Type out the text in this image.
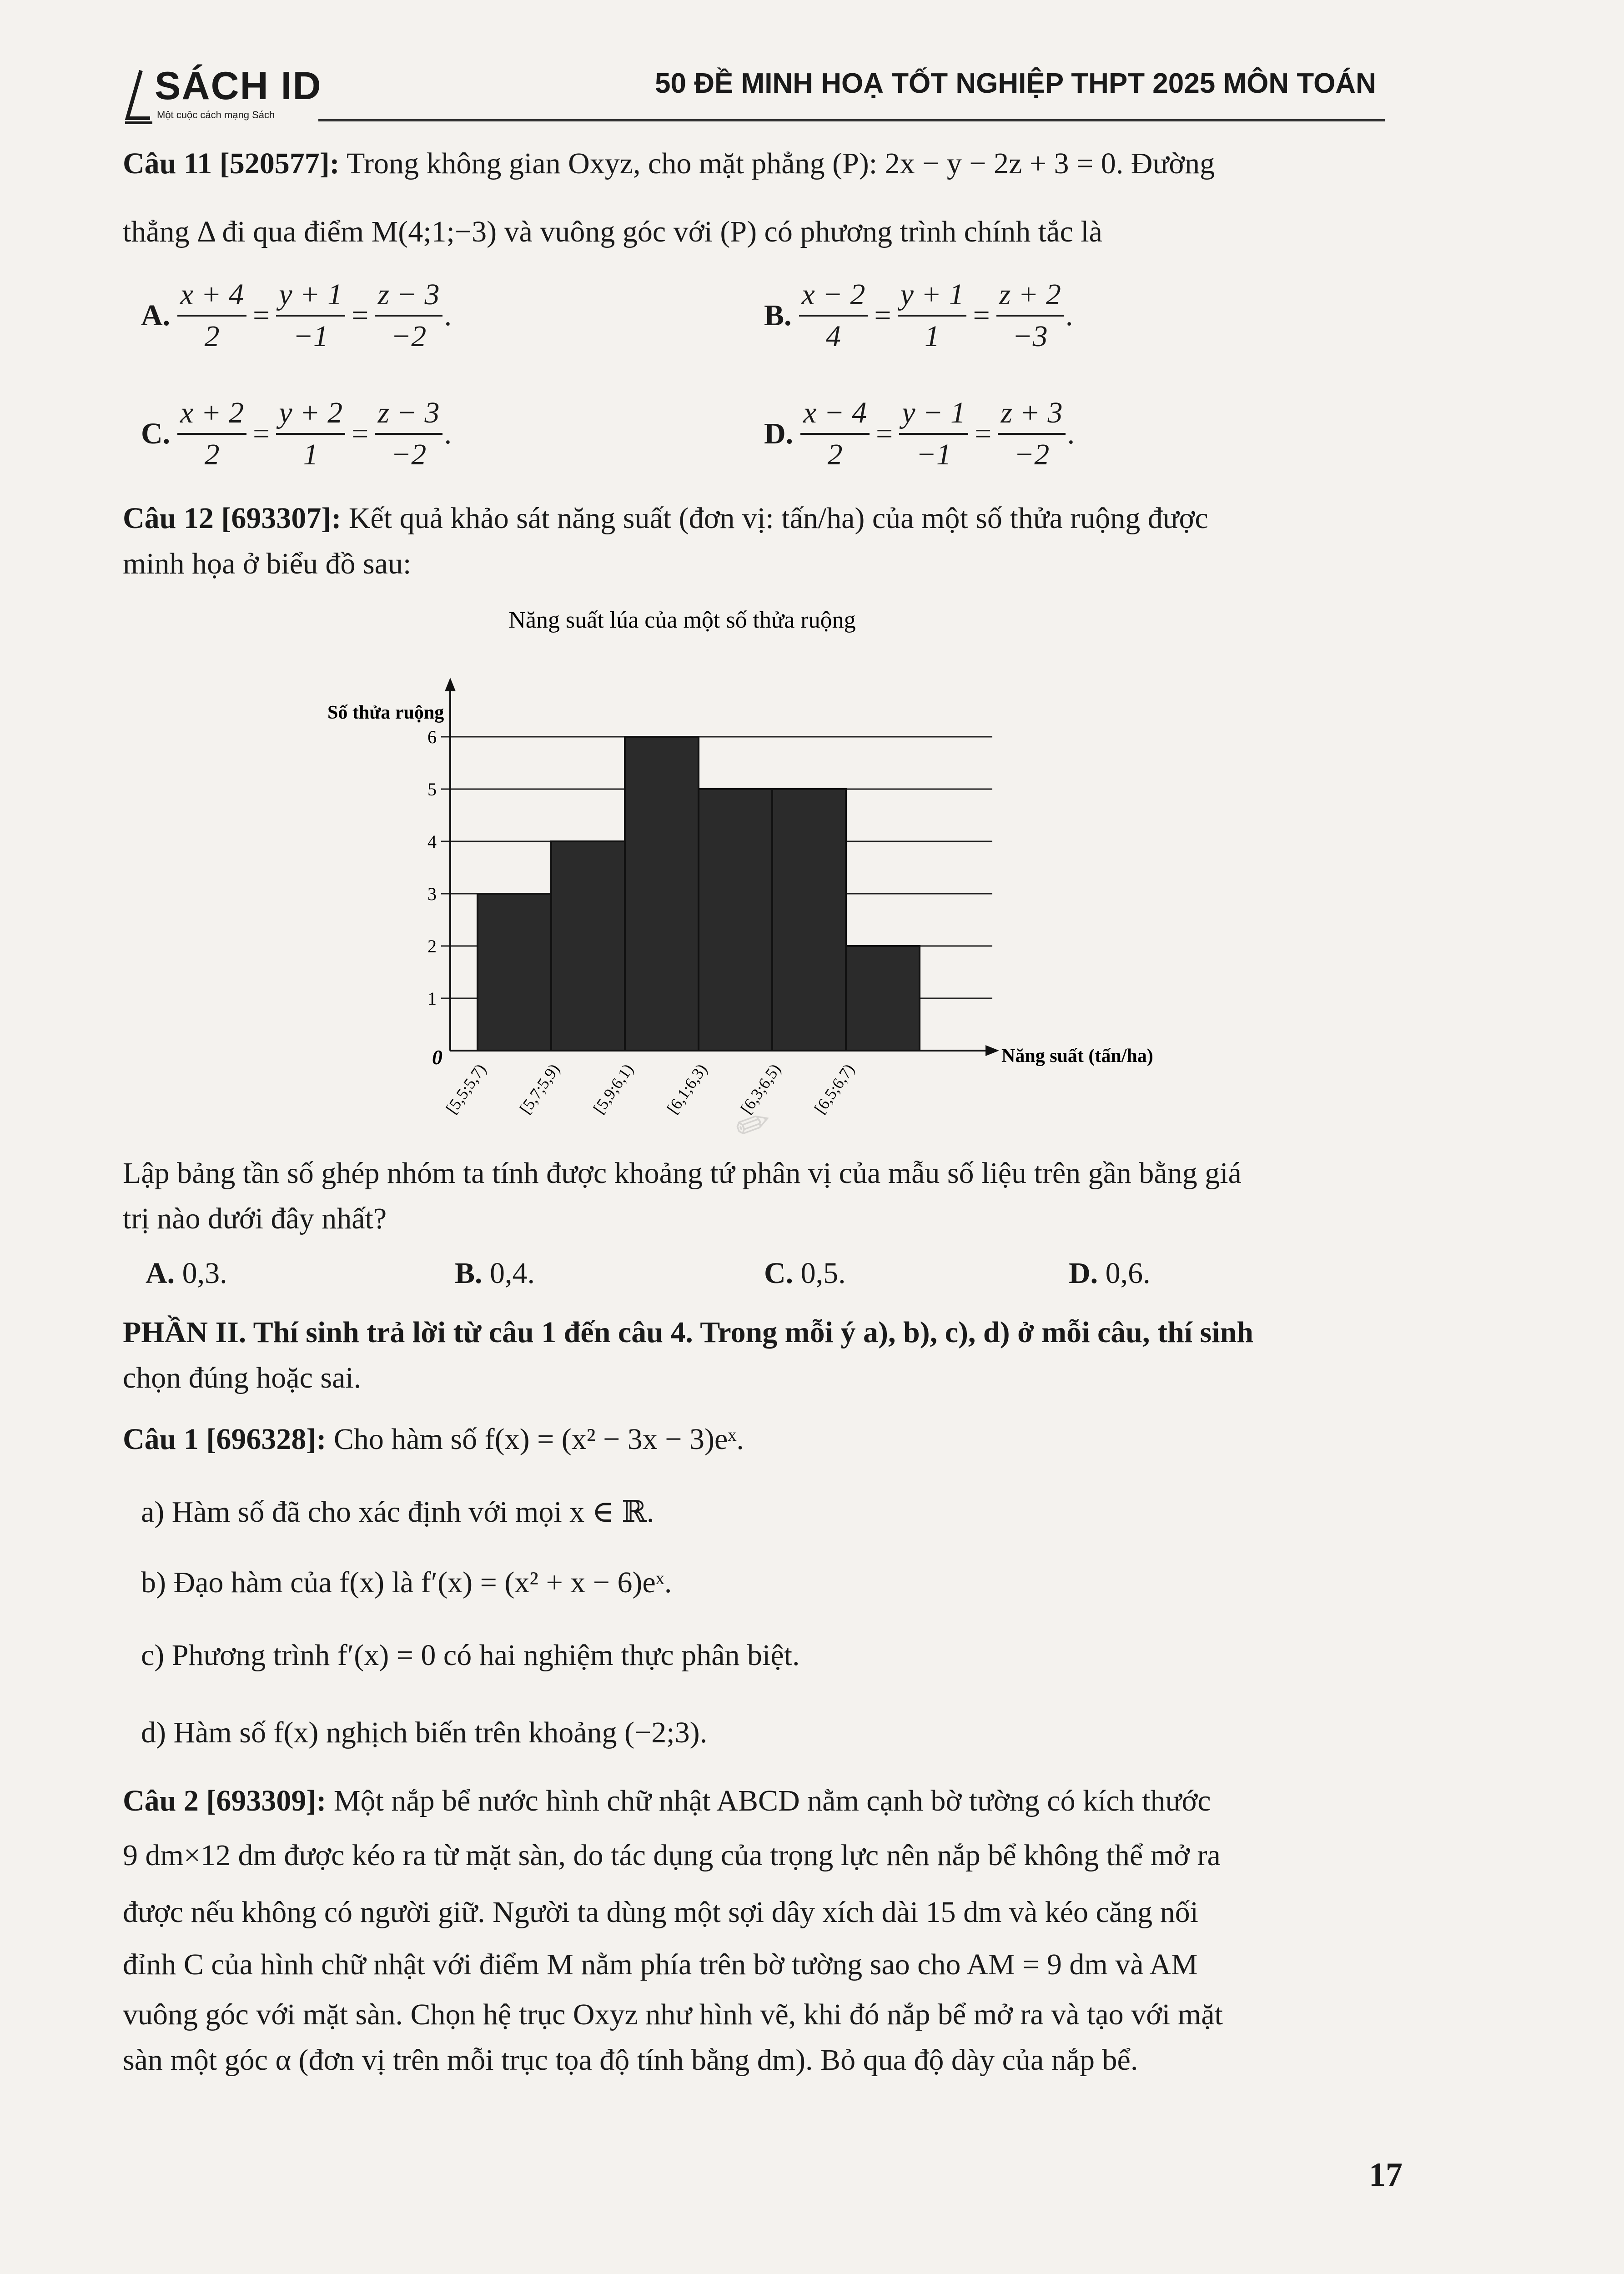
SÁCH ID
Một cuộc cách mạng Sách
50 ĐỀ MINH HOẠ TỐT NGHIỆP THPT 2025 MÔN TOÁN
Câu 11 [520577]: Trong không gian Oxyz, cho mặt phẳng (P): 2x − y − 2z + 3 = 0. Đường
thẳng Δ đi qua điểm M(4;1;−3) và vuông góc với (P) có phương trình chính tắc là
A. $\frac{x + 4}{2} = \frac{y + 1}{-1} = \frac{z - 3}{-2}$ .	B. $\frac{x - 2}{4} = \frac{y + 1}{1} = \frac{z + 2}{-3}$ .
C. $\frac{x + 2}{2} = \frac{y + 2}{1} = \frac{z - 3}{-2}$ .	D. $\frac{x - 4}{2} = \frac{y - 1}{-1} = \frac{z + 3}{-2}$ .
Câu 12 [693307]: Kết quả khảo sát năng suất (đơn vị: tấn/ha) của một số thửa ruộng được
minh họa ở biểu đồ sau:
Năng suất lúa của một số thửa ruộng
Số thửa ruộng
1
2
3
4
5
6
0	Năng suất (tấn/ha)
[5,5;5,7) [5,7;5,9) [5,9;6,1) [6,1;6,3) [6,3;6,5) [6,5;6,7)
✎
Lập bảng tần số ghép nhóm ta tính được khoảng tứ phân vị của mẫu số liệu trên gần bằng giá
trị nào dưới đây nhất?
A. 0,3.	B. 0,4.	C. 0,5.	D. 0,6.
PHẦN II. Thí sinh trả lời từ câu 1 đến câu 4. Trong mỗi ý a), b), c), d) ở mỗi câu, thí sinh
chọn đúng hoặc sai.
Câu 1 [696328]: Cho hàm số f(x) = (x² − 3x − 3)eˣ.
a) Hàm số đã cho xác định với mọi x ∈ ℝ.
b) Đạo hàm của f(x) là f′(x) = (x² + x − 6)eˣ.
c) Phương trình f′(x) = 0 có hai nghiệm thực phân biệt.
d) Hàm số f(x) nghịch biến trên khoảng (−2;3).
Câu 2 [693309]: Một nắp bể nước hình chữ nhật ABCD nằm cạnh bờ tường có kích thước
9 dm×12 dm được kéo ra từ mặt sàn, do tác dụng của trọng lực nên nắp bể không thể mở ra
được nếu không có người giữ. Người ta dùng một sợi dây xích dài 15 dm và kéo căng nối
đỉnh C của hình chữ nhật với điểm M nằm phía trên bờ tường sao cho AM = 9 dm và AM
vuông góc với mặt sàn. Chọn hệ trục Oxyz như hình vẽ, khi đó nắp bể mở ra và tạo với mặt
sàn một góc α (đơn vị trên mỗi trục tọa độ tính bằng dm). Bỏ qua độ dày của nắp bể.
17
